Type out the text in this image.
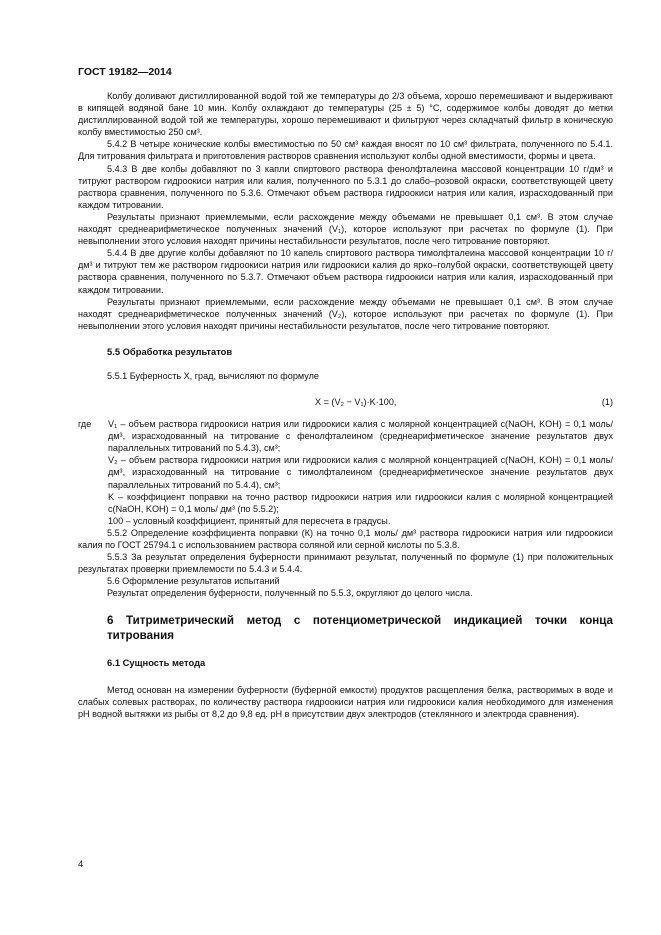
ГОСТ 19182—2014

Колбу доливают дистиллированной водой той же температуры до 2/3 объема, хорошо перемешивают и выдерживают в кипящей водяной бане 10 мин. Колбу охлаждают до температуры (25 ± 5) °С, содержимое колбы доводят до метки дистиллированной водой той же температуры, хорошо перемешивают и фильтруют через складчатый фильтр в коническую колбу вместимостью 250 см³.

5.4.2 В четыре конические колбы вместимостью по 50 см³ каждая вносят по 10 см³ фильтрата, полученного по 5.4.1. Для титрования фильтрата и приготовления растворов сравнения используют колбы одной вместимости, формы и цвета.

5.4.3 В две колбы добавляют по 3 капли спиртового раствора фенолфталеина массовой концентрации 10 г/дм³ и титруют раствором гидроокиси натрия или калия, полученного по 5.3.1 до слабо–розовой окраски, соответствующей цвету раствора сравнения, полученного по 5.3.6. Отмечают объем раствора гидроокиси натрия или калия, израсходованный при каждом титровании.

Результаты признают приемлемыми, если расхождение между объемами не превышает 0,1 см³. В этом случае находят среднеарифметическое полученных значений (V₁), которое используют при расчетах по формуле (1). При невыполнении этого условия находят причины нестабильности результатов, после чего титрование повторяют.

5.4.4 В две другие колбы добавляют по 10 капель спиртового раствора тимолфталеина массовой концентрации 10 г/дм³ и титруют тем же раствором гидроокиси натрия или гидроокиси калия до ярко–голубой окраски, соответствующей цвету раствора сравнения, полученного по 5.3.7. Отмечают объем раствора гидроокиси натрия или калия, израсходованный при каждом титровании.

Результаты признают приемлемыми, если расхождение между объемами не превышает 0,1 см³. В этом случае находят среднеарифметическое полученных значений (V₂), которое используют при расчетах по формуле (1). При невыполнении этого условия находят причины нестабильности результатов, после чего титрование повторяют.

5.5 Обработка результатов

5.5.1 Буферность Х, град, вычисляют по формуле

X = (V₂ − V₁)·K·100,	(1)
где	V₁ – объем раствора гидроокиси натрия или гидроокиси калия с молярной концентрацией с(NaOH, KOH) = 0,1 моль/дм³, израсходованный на титрование с фенолфталеином (среднеарифметическое значение результатов двух параллельных титрований по 5.4.3), см³;

V₂ – объем раствора гидроокиси натрия или гидроокиси калия с молярной концентрацией с(NaOH, KOH) = 0,1 моль/дм³, израсходованный на титрование с тимолфталеином (среднеарифметическое значение результатов двух параллельных титрований по 5.4.4), см³;

K – коэффициент поправки на точно раствор гидроокиси натрия или гидроокиси калия с молярной концентрацией с(NaOH, KOH) = 0,1 моль/ дм³ (по 5.5.2);

100 – условный коэффициент, принятый для пересчета в градусы.

5.5.2 Определение коэффициента поправки (К) на точно 0,1 моль/ дм³ раствора гидроокиси натрия или гидроокиси калия по ГОСТ 25794.1 с использованием раствора соляной или серной кислоты по 5.3.8.

5.5.3 За результат определения буферности принимают результат, полученный по формуле (1) при положительных результатах проверки приемлемости по 5.4.3 и 5.4.4.

5.6 Оформление результатов испытаний

Результат определения буферности, полученный по 5.5.3, округляют до целого числа.

6 Титриметрический метод с потенциометрической индикацией точки конца титрования

6.1 Сущность метода

Метод основан на измерении буферности (буферной емкости) продуктов расщепления белка, растворимых в воде и слабых солевых растворах, по количеству раствора гидроокиси натрия или гидроокиси калия необходимого для изменения рН водной вытяжки из рыбы от 8,2 до 9,8 ед. рН в присутствии двух электродов (стеклянного и электрода сравнения).

4
